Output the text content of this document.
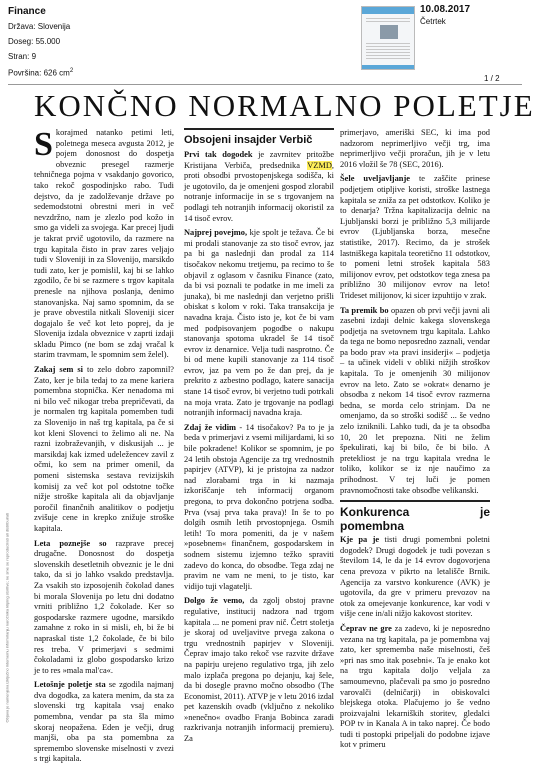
Finance
Država: Slovenija
Doseg: 55.000
Stran: 9
Površina: 626 $cm^2$
10.08.2017
Četrtek
1 / 2
KONČNO NORMALNO POLETJE
Objava je namenjena izključno internemu informiranju naročnika kliping storitve; ne sme se reproducirati ali distribuirati

Skorajmed natanko petimi leti, poletnega meseca avgusta 2012, je pojem donosnost do dospetja obveznic presegel razmerje tehničnega pojma v vsakdanjo govorico, tako rekoč gospodinjsko rabo. Tudi dejstvo, da je zadolževanje države po sedemodstotni obrestni meri in več nevzdržno, nam je zlezlo pod kožo in smo ga videli za svojega. Kar precej ljudi je takrat prvič ugotovilo, da razmere na trgu kapitala čisto in prav zares veljajo tudi v Sloveniji in za Slovenijo, marsikdo tudi zato, ker je pomislil, kaj bi se lahko zgodilo, če bi se razmere s trgov kapitala prenesle na njihova poslanja, denimo stanovanjska. Naj samo spomnim, da se je prave obvestila nitkali Sloveniji sicer dogajalo še več kot leto poprej, da je Slovenija izdala obveznice v zaprti izdaji skladu Pimco (ne bom se zdaj vračal k starim travmam, le spomnim sem želel).

Zakaj sem si to zelo dobro zapomnil? Zato, ker je bila tedaj to za mene kariera pomembna stopnička. Ker nenadoma mi ni bilo več nikogar treba prepričevati, da je normalen trg kapitala pomemben tudi za Slovenijo in naš trg kapitala, pa če si kot kleni Slovenci to želimo ali ne. Na razni izobraževanjih, v diskusijah ... je marsikdaj kak izmed udeležencev zavil z očmi, ko sem na primer omenil, da pomeni sistemska sestava revizijskih komisij za več kot pol odstotne točke nižje stroške kapitala ali da objavljanje poročil finančnih analitikov o podjetju zvišuje cene in krepko znižuje stroške kapitala.

Leta poznejše so razprave precej drugačne. Donosnost do dospetja slovenskih desetletnih obveznic je le dni tako, da si jo lahko vsakdo predstavlja. Za vsakih sto izposojenih čokolad danes bi morala Slovenija po letu dni dodatno vrniti približno 1,2 čokolade. Ker so gospodarske razmere ugodne, marsikdo zamahne z roko in si misli, eh, bi že bi napraskal tiste 1,2 čokolade, če bi bilo res treba. V primerjavi s sedmimi čokoladami iz globo gospodarsko krizo je to res »mala mal'ca«.

Letošnje poletje sta se zgodila najmanj dva dogodka, za katera menim, da sta za slovenski trg kapitala vsaj enako pomembna, vendar pa sta šla mimo skoraj neopažena. Eden je večji, drug manjši, oba pa sta pomembna za spremembo slovenske miselnosti v zvezi s trgi kapitala.

Obsojeni insajder Verbič

Prvi tak dogodek je zavrnitev pritožbe Kristijana Verbiča, predsednika VZMD, proti obsodbi prvostopenjskega sodišča, ki je ugotovilo, da je omenjeni gospod zlorabil notranje informacije in se s trgovanjem na podlagi teh notranjih informacij okoristil za 14 tisoč evrov.

Najprej povejmo, kje spolt je težava. Če bi mi prodali stanovanje za sto tisoč evrov, jaz pa bi ga naslednji dan prodal za 114 tisočakov nekomu tretjemu, pa recimo to še objavil z oglasom v časniku Finance (zato, da bi vsi poznali te podatke in me imeli za junaka), bi me naslednji dan verjetno prišli obiskat s kolom v roki. Taka transakcija je navadna kraja. Čisto isto je, kot če bi vam med podpisovanjem pogodbe o nakupu stanovanja spotoma ukradel še 14 tisoč evrov iz denarnice. Velja tudi nasprotno. Če bi od mene kupili stanovanje za 114 tisoč evrov, jaz pa vem po že dan prej, da je prekrito z azbestno podlago, katere sanacija stane 14 tisoč evrov, bi verjetno tudi potrkali na moja vrata. Zato je trgovanje na podlagi notranjih informacij navadna kraja.

Zdaj že vidim - 14 tisočakov? Pa to je ja beda v primerjavi z vsemi milijardami, ki so bile pokradene! Kolikor se spomnim, je po 24 letih obstoja Agencije za trg vrednostnih papirjev (ATVP), ki je pristojna za nadzor nad zlorabami trga in ki nazmaja izkoriščanje teh informacij organom pregona, to prva dokončno potrjena sodba. Prva (vsaj prva taka prava)! In še to po dolgih osmih letih prvostopnjega. Osmih letih! To mora pomeniti, da je v našem »posebnem« finančnem, gospodarskem in sodnem sistemu izjemno težko spraviti zadevo do konca, do obsodbe. Tega zdaj ne pravim ne vam ne meni, to je tisto, kar vidijo tuji vlagatelji.

Dolgo že vemo, da zgolj obstoj pravne regulative, institucij nadzora nad trgom kapitala ... ne pomeni prav nič. Četrt stoletja je skoraj od uveljavitve prvega zakona o trgu vrednostnih papirjev v Sloveniji. Čeprav imajo tako rekoč vse razvite države na papirju urejeno regulativo trga, jih zelo malo izplača pregona po dejanju, kaj šele, da bi dosegle pravno močno obsodbo (The Economist, 2011). ATVP je v letu 2016 izdal pet kazenskih ovadb (vključno z nekoliko »nenečno« ovadbo Franja Bobinca zaradi razkrivanja notranjih informacij premieru). Za

primerjavo, ameriški SEC, ki ima pod nadzorom neprimerljivo večji trg, ima neprimerljivo večji proračun, jih je v letu 2016 vložil še 78 (SEC, 2016).

Šele uveljavljanje te zaščite prinese podjetjem otipljive koristi, stroške lastnega kapitala se zniža za pet odstotkov. Koliko je to denarja? Tržna kapitalizacija delnic na Ljubljanski borzi je približno 5,3 milijarde evrov (Ljubljanska borza, mesečne statistike, 2017). Recimo, da je strošek lastniškega kapitala teoretično 11 odstotkov, to pomeni letni strošek kapitala 583 milijonov evrov, pet odstotkov tega znesa pa približno 30 milijonov evrov na leto! Trideset milijonov, ki sicer izpuhtijo v zrak.

Ta premik bo opazen ob prvi večji javni ali zasebni izdaji delnic kakega slovenskega podjetja na svetovnem trgu kapitala. Lahko da tega ne bomo neposredno zaznali, vendar pa bodo prav »ta pravi insiderji« – podjetja – ta učinek videli v obliki nižjih stroškov kapitala. To je omenjenih 30 milijonov evrov na leto. Zato se »okrat« denarno je obsodba z nekom 14 tisoč evrov razmerna bedna, se morda celo strinjam. Da ne omenjamo, da so stroški sodišč ... še vedno zelo izniknili. Lahko tudi, da je ta obsodba 10, 20 let prepozna. Niti ne želim špekulirati, kaj bi bilo, če bi bilo. A pretekliost je na trgu kapitala vredna le toliko, kolikor se iz nje naučimo za prihodnost. V tej luči je pomen pravnomočnosti take obsodbe velikanski.

Konkurenca je pomembna

Kje pa je tisti drugi pomembni poletni dogodek? Drugi dogodek je tudi povezan s številom 14, le da je 14 evrov dogovorjena cena prevoza v pikrto na letališče Brnik. Agencija za varstvo konkurence (AVK) je ugotovila, da gre v primeru prevozov na otok za omejevanje konkurence, kar vodi v višje cene in/ali nižjo kakovost storitev.

Čeprav ne gre za zadevo, ki je neposredno vezana na trg kapitala, pa je pomembna vaj zato, ker sprememba naše miselnosti, češ »pri nas smo itak posebni«. Ta je enako kot na trgu kapitala doljo veljala za samoumevno, plačevali pa smo jo posredno varovalči (delničarji) in obiskovalci blejskega otoka. Plačujemo jo še vedno proizvajalni lekarniških storitev, gledalci POP tv in Kanala A in tako naprej. Če bodo tudi ti postopki pripeljali do podobne izjave kot v primeru
